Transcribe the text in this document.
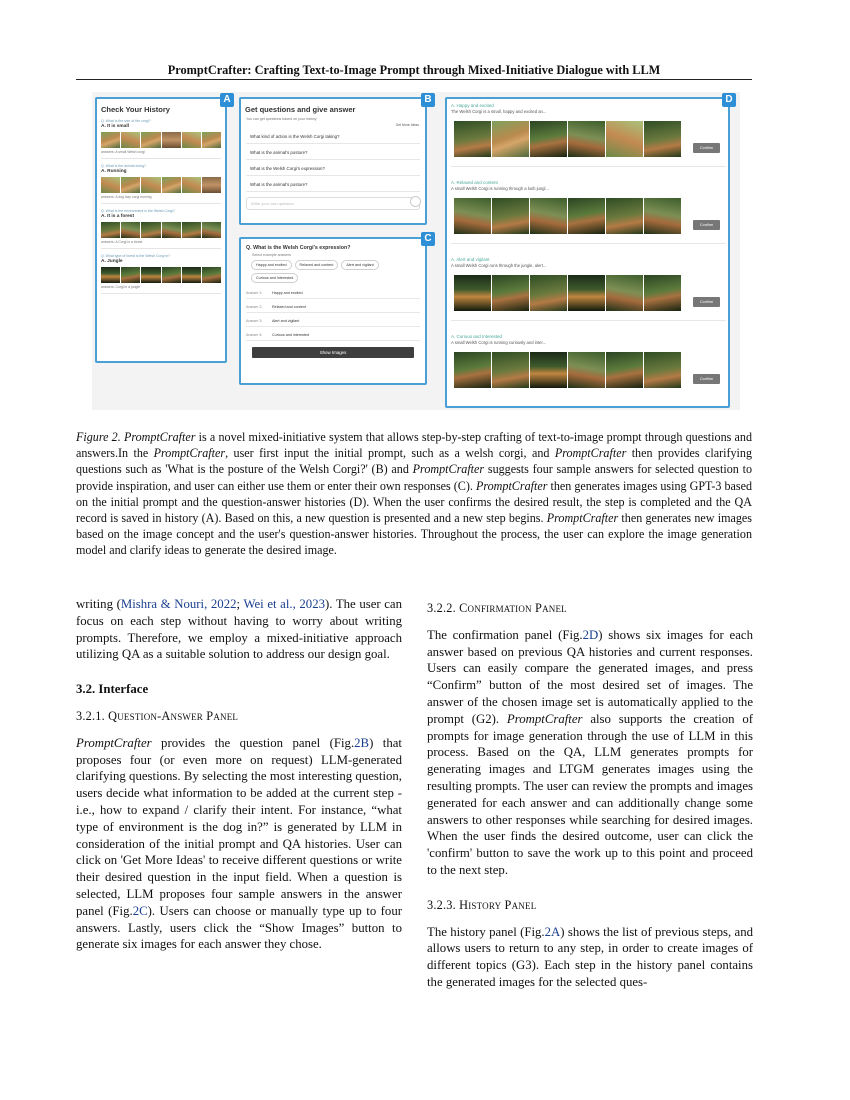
PromptCrafter: Crafting Text-to-Image Prompt through Mixed-Initiative Dialogue with LLM
Check Your History
Q. What is the size of the corgi?
A. It is small
answers: A small Welsh corgi
Q. What is the animal doing?
A. Running
answers: A dog lazy corgi running
Q. What is the environment in the Welsh Corgi?
A. It is a forest
answers: A Corgi in a forest
Q. What type of forest is the Welsh Corgi in?
A. Jungle
answers: Corgi in a jungle
A
Get questions and give answer
You can get questions based on your history
Get More Ideas
What kind of action is the Welsh Corgi taking?
What is the animal's posture?
What is the Welsh Corgi's expression?
What is the animal's posture?
Write your own question
B
Q. What is the Welsh Corgi's expression?
Select example answers
Happy and excited	Relaxed and content	Alert and vigilant
Curious and Interested
Answer 1:	Happy and excited
Answer 2:	Relaxed and content
Answer 3:	Alert and vigilant
Answer 4:	Curious and interested
Show Images
C
A. Happy and excited
The Welsh Corgi is a small, happy and excited an...
Confirm
A. Relaxed and content
A small Welsh Corgi is running through a lush jungl...
Confirm
A. Alert and vigilant
A small Welsh Corgi runs through the jungle, alert...
Confirm
A. Curious and Interested
A small Welsh Corgi is running curiously and inter...
Confirm
D
Figure 2. PromptCrafter is a novel mixed-initiative system that allows step-by-step crafting of text-to-image prompt through questions and answers.In the PromptCrafter, user first input the initial prompt, such as a welsh corgi, and PromptCrafter then provides clarifying questions such as 'What is the posture of the Welsh Corgi?' (B) and PromptCrafter suggests four sample answers for selected question to provide inspiration, and user can either use them or enter their own responses (C). PromptCrafter then generates images using GPT-3 based on the initial prompt and the question-answer histories (D). When the user confirms the desired result, the step is completed and the QA record is saved in history (A). Based on this, a new question is presented and a new step begins. PromptCrafter then generates new images based on the image concept and the user's question-answer histories. Throughout the process, the user can explore the image generation model and clarify ideas to generate the desired image.

writing (Mishra & Nouri, 2022; Wei et al., 2023). The user can focus on each step without having to worry about writing prompts. Therefore, we employ a mixed-initiative approach utilizing QA as a suitable solution to address our design goal.

3.2. Interface
3.2.1. Question-Answer Panel

PromptCrafter provides the question panel (Fig.2B) that proposes four (or even more on request) LLM-generated clarifying questions. By selecting the most interesting question, users decide what information to be added at the current step - i.e., how to expand / clarify their intent. For instance, “what type of environment is the dog in?” is generated by LLM in consideration of the initial prompt and QA histories. User can click on 'Get More Ideas' to receive different questions or write their desired question in the input field. When a question is selected, LLM proposes four sample answers in the answer panel (Fig.2C). Users can choose or manually type up to four answers. Lastly, users click the “Show Images” button to generate six images for each answer they chose.

3.2.2. Confirmation Panel

The confirmation panel (Fig.2D) shows six images for each answer based on previous QA histories and current responses. Users can easily compare the generated images, and press “Confirm” button of the most desired set of images. The answer of the chosen image set is automatically applied to the prompt (G2). PromptCrafter also supports the creation of prompts for image generation through the use of LLM in this process. Based on the QA, LLM generates prompts for generating images and LTGM generates images using the resulting prompts. The user can review the prompts and images generated for each answer and can additionally change some answers to other responses while searching for desired images. When the user finds the desired outcome, user can click the 'confirm' button to save the work up to this point and proceed to the next step.

3.2.3. History Panel

The history panel (Fig.2A) shows the list of previous steps, and allows users to return to any step, in order to create images of different topics (G3). Each step in the history panel contains the generated images for the selected ques-
